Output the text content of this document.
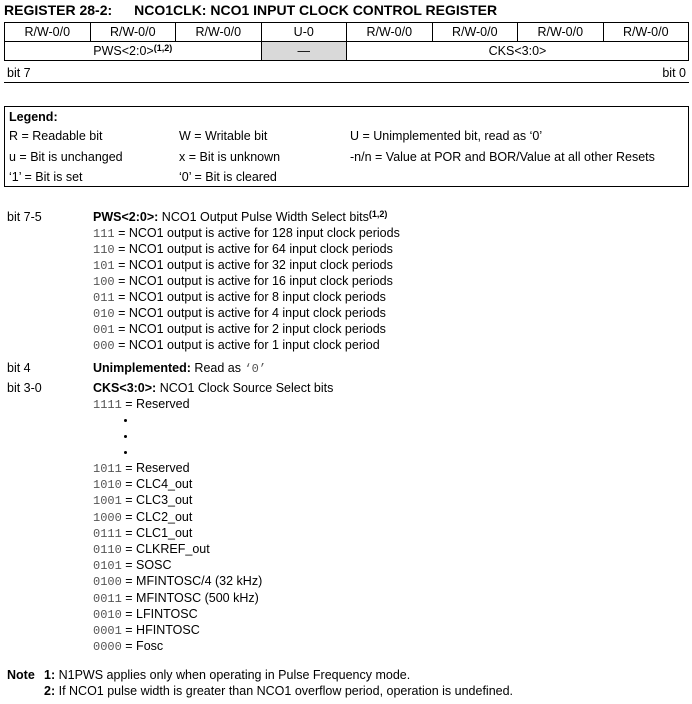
REGISTER 28-2: NCO1CLK: NCO1 INPUT CLOCK CONTROL REGISTER
R/W-0/0	R/W-0/0	R/W-0/0	U-0	R/W-0/0	R/W-0/0	R/W-0/0	R/W-0/0
PWS<2:0>$^{(1,2)}$			—	CKS<3:0>			
bit 7	bit 0
Legend:
R = Readable bit	W = Writable bit	U = Unimplemented bit, read as ‘0’
u = Bit is unchanged	x = Bit is unknown	-n/n = Value at POR and BOR/Value at all other Resets
‘1’ = Bit is set	‘0’ = Bit is cleared
bit 7-5	PWS<2:0>: NCO1 Output Pulse Width Select bits$^{(1,2)}$
111 = NCO1 output is active for 128 input clock periods
110 = NCO1 output is active for 64 input clock periods
101 = NCO1 output is active for 32 input clock periods
100 = NCO1 output is active for 16 input clock periods
011 = NCO1 output is active for 8 input clock periods
010 = NCO1 output is active for 4 input clock periods
001 = NCO1 output is active for 2 input clock periods
000 = NCO1 output is active for 1 input clock period
bit 4	Unimplemented: Read as ‘0’
bit 3-0	CKS<3:0>: NCO1 Clock Source Select bits
1111 = Reserved
1011 = Reserved
1010 = CLC4_out
1001 = CLC3_out
1000 = CLC2_out
0111 = CLC1_out
0110 = CLKREF_out
0101 = SOSC
0100 = MFINTOSC/4 (32 kHz)
0011 = MFINTOSC (500 kHz)
0010 = LFINTOSC
0001 = HFINTOSC
0000 = Fosc
Note 1: N1PWS applies only when operating in Pulse Frequency mode.
2: If NCO1 pulse width is greater than NCO1 overflow period, operation is undefined.
